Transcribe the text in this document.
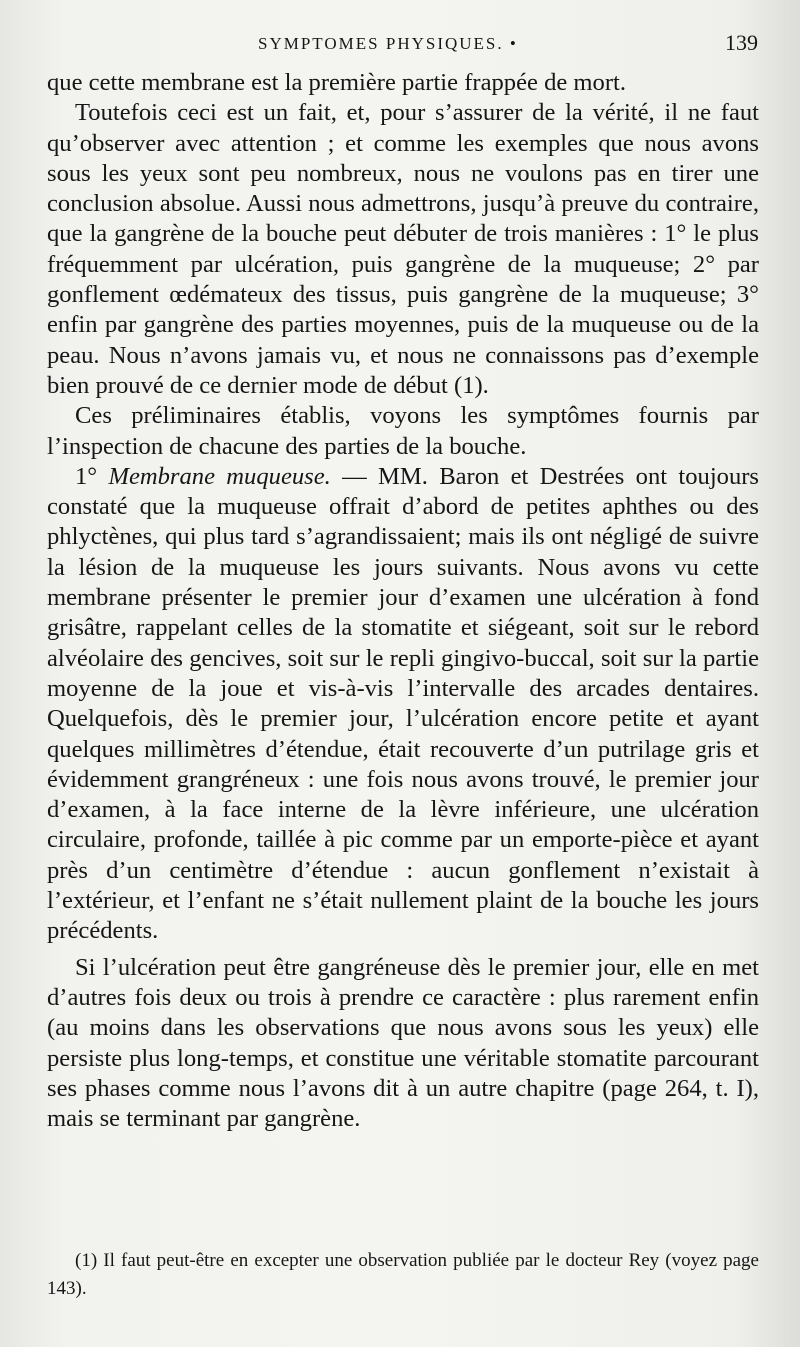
SYMPTOMES PHYSIQUES. •	139

que cette membrane est la première partie frappée de mort.

Toutefois ceci est un fait, et, pour s’assurer de la vérité, il ne faut qu’observer avec attention ; et comme les exemples que nous avons sous les yeux sont peu nombreux, nous ne voulons pas en tirer une conclusion absolue. Aussi nous admettrons, jusqu’à preuve du contraire, que la gangrène de la bouche peut débuter de trois manières : 1° le plus fréquemment par ulcération, puis gangrène de la muqueuse; 2° par gonflement œdémateux des tissus, puis gangrène de la muqueuse; 3° enfin par gangrène des parties moyennes, puis de la muqueuse ou de la peau. Nous n’avons jamais vu, et nous ne connaissons pas d’exemple bien prouvé de ce dernier mode de début (1).

Ces préliminaires établis, voyons les symptômes fournis par l’inspection de chacune des parties de la bouche.

1° Membrane muqueuse. — MM. Baron et Destrées ont toujours constaté que la muqueuse offrait d’abord de petites aphthes ou des phlyctènes, qui plus tard s’agrandissaient; mais ils ont négligé de suivre la lésion de la muqueuse les jours suivants. Nous avons vu cette membrane présenter le premier jour d’examen une ulcération à fond grisâtre, rappelant celles de la stomatite et siégeant, soit sur le rebord alvéolaire des gencives, soit sur le repli gingivo-buccal, soit sur la partie moyenne de la joue et vis-à-vis l’intervalle des arcades dentaires. Quelquefois, dès le premier jour, l’ulcération encore petite et ayant quelques millimètres d’étendue, était recouverte d’un putrilage gris et évidemment grangréneux : une fois nous avons trouvé, le premier jour d’examen, à la face interne de la lèvre inférieure, une ulcération circulaire, profonde, taillée à pic comme par un emporte-pièce et ayant près d’un centimètre d’étendue : aucun gonflement n’existait à l’extérieur, et l’enfant ne s’était nullement plaint de la bouche les jours précédents.

Si l’ulcération peut être gangréneuse dès le premier jour, elle en met d’autres fois deux ou trois à prendre ce caractère : plus rarement enfin (au moins dans les observations que nous avons sous les yeux) elle persiste plus long-temps, et constitue une véritable stomatite parcourant ses phases comme nous l’avons dit à un autre chapitre (page 264, t. I), mais se terminant par gangrène.

(1) Il faut peut-être en excepter une observation publiée par le docteur Rey (voyez page 143).
